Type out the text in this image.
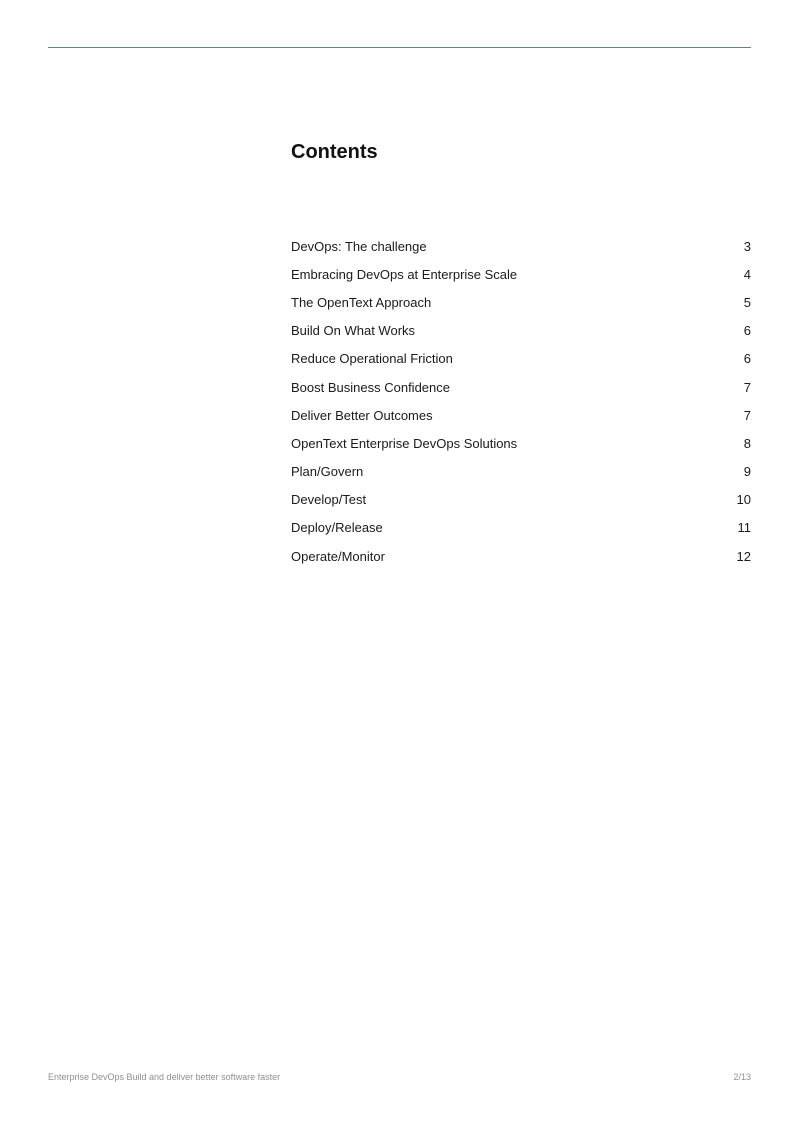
Contents
DevOps: The challenge	3
Embracing DevOps at Enterprise Scale	4
The OpenText Approach	5
Build On What Works	6
Reduce Operational Friction	6
Boost Business Confidence	7
Deliver Better Outcomes	7
OpenText Enterprise DevOps Solutions	8
Plan/Govern	9
Develop/Test	10
Deploy/Release	11
Operate/Monitor	12
Enterprise DevOps Build and deliver better software faster	2/13
